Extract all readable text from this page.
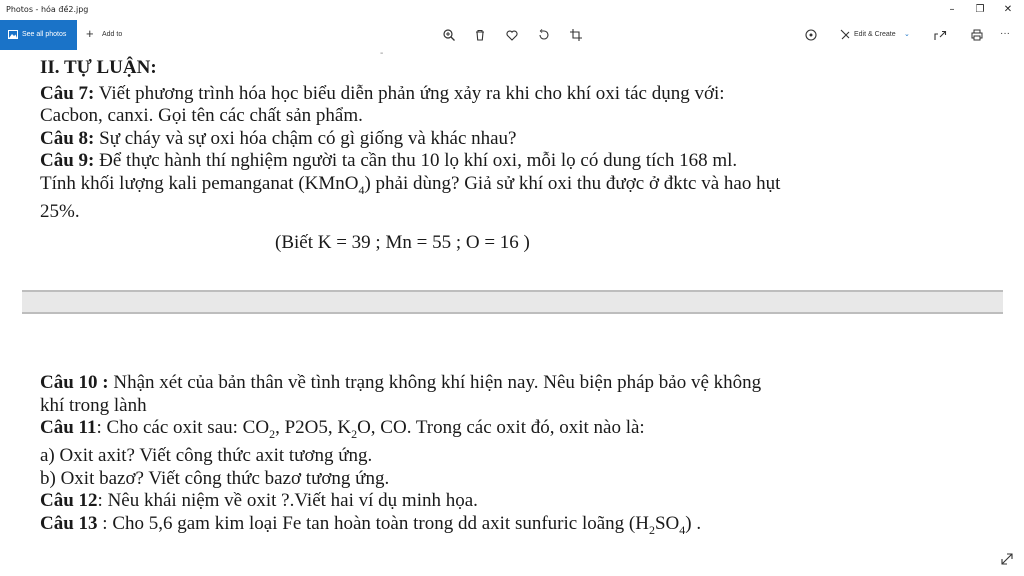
Photos - hóa đề2.jpg	–	❐	✕
See all photos + Add to	Edit & Create ⌄	···
-

II. TỰ LUẬN:

Câu 7: Viết phương trình hóa học biểu diễn phản ứng xảy ra khi cho khí oxi tác dụng với:

Cacbon, canxi. Gọi tên các chất sản phẩm.

Câu 8: Sự cháy và sự oxi hóa chậm có gì giống và khác nhau?

Câu 9: Để thực hành thí nghiệm người ta cần thu 10 lọ khí oxi, mỗi lọ có dung tích 168 ml.

Tính khối lượng kali pemanganat (KMnO$_4$) phải dùng? Giả sử khí oxi thu được ở đktc và hao hụt

25%.

(Biết K = 39 ; Mn = 55 ; O = 16 )

Câu 10 : Nhận xét của bản thân về tình trạng không khí hiện nay. Nêu biện pháp bảo vệ không

khí trong lành

Câu 11: Cho các oxit sau: $CO_2$, P2O5, $K_2O$, CO. Trong các oxit đó, oxit nào là:

a) Oxit axit? Viết công thức axit tương ứng.

b) Oxit bazơ? Viết công thức bazơ tương ứng.

Câu 12: Nêu khái niệm về oxit ?.Viết hai ví dụ minh họa.

Câu 13 : Cho 5,6 gam kim loại Fe tan hoàn toàn trong dd axit sunfuric loãng $(H_2SO_4)$ .
